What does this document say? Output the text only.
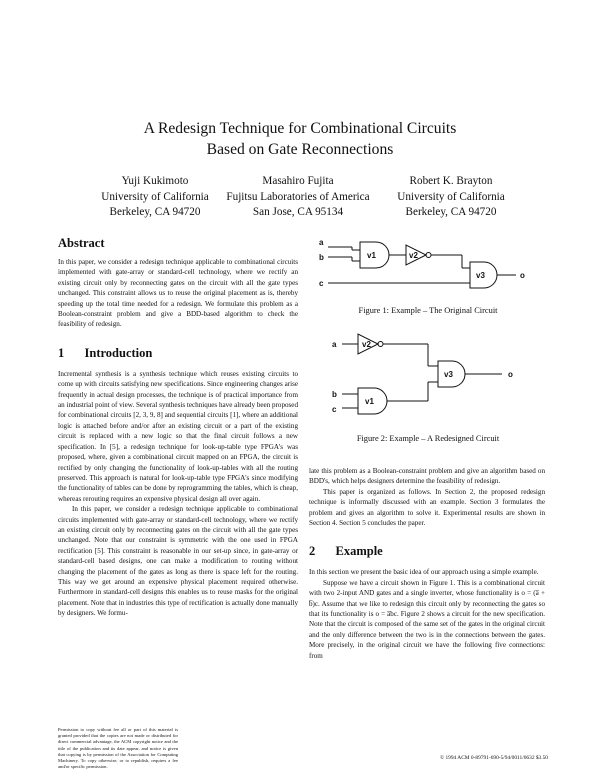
A Redesign Technique for Combinational Circuits
Based on Gate Reconnections
Yuji Kukimoto
University of California
Berkeley, CA 94720
Masahiro Fujita
Fujitsu Laboratories of America
San Jose, CA 95134
Robert K. Brayton
University of California
Berkeley, CA 94720
Abstract

In this paper, we consider a redesign technique applicable to combinational circuits implemented with gate-array or standard-cell technology, where we rectify an existing circuit only by reconnecting gates on the circuit with all the gate types unchanged. This constraint allows us to reuse the original placement as is, thereby speeding up the total time needed for a redesign. We formulate this problem as a Boolean-constraint problem and give a BDD-based algorithm to check the feasibility of redesign.

1 Introduction

Incremental synthesis is a synthesis technique which reuses existing circuits to come up with circuits satisfying new specifications. Since engineering changes arise frequently in actual design processes, the technique is of practical importance from an industrial point of view. Several synthesis techniques have already been proposed for combinational circuits [2, 3, 9, 8] and sequential circuits [1], where an additional logic is attached before and/or after an existing circuit or a part of the existing circuit is replaced with a new logic so that the final circuit follows a new specification. In [5], a redesign technique for look-up-table type FPGA's was proposed, where, given a combinational circuit mapped on an FPGA, the circuit is rectified by only changing the functionality of look-up-tables with all the routing preserved. This approach is natural for look-up-table type FPGA's since modifying the functionality of tables can be done by reprogramming the tables, which is cheap, whereas rerouting requires an expensive physical design all over again.

In this paper, we consider a redesign technique applicable to combinational circuits implemented with gate-array or standard-cell technology, where we rectify an existing circuit only by reconnecting gates on the circuit with all the gate types unchanged. Note that our constraint is symmetric with the one used in FPGA rectification [5]. This constraint is reasonable in our set-up since, in gate-array or standard-cell based designs, one can make a modification to routing without changing the placement of the gates as long as there is space left for the routing. This way we get around an expensive physical placement required otherwise. Furthermore in standard-cell designs this enables us to reuse masks for the original placement. Note that in industries this type of rectification is actually done manually by designers. We formu-

Permission to copy without fee all or part of this material is granted provided that the copies are not made or distributed for direct commercial advantage, the ACM copyright notice and the title of the publication and its date appear, and notice is given that copying is by permission of the Association for Computing Machinery. To copy otherwise, or to republish, requires a fee and/or specific permission.
a
b
c
v1	v2
v3	o
Figure 1: Example – The Original Circuit
a
b
c
v2
v1
v3	o
Figure 2: Example – A Redesigned Circuit

late this problem as a Boolean-constraint problem and give an algorithm based on BDD's, which helps designers determine the feasibility of redesign.

This paper is organized as follows. In Section 2, the proposed redesign technique is informally discussed with an example. Section 3 formulates the problem and gives an algorithm to solve it. Experimental results are shown in Section 4. Section 5 concludes the paper.

2 Example

In this section we present the basic idea of our approach using a simple example.

Suppose we have a circuit shown in Figure 1. This is a combinational circuit with two 2-input AND gates and a single inverter, whose functionality is o = (a̅ + b̅)c. Assume that we like to redesign this circuit only by reconnecting the gates so that its functionality is o = a̅bc. Figure 2 shows a circuit for the new specification. Note that the circuit is composed of the same set of the gates in the original circuit and the only difference between the two is in the connections between the gates. More precisely, in the original circuit we have the following five connections: from

© 1994 ACM 0-89791-690-5/94/0011/0632 $3.50
